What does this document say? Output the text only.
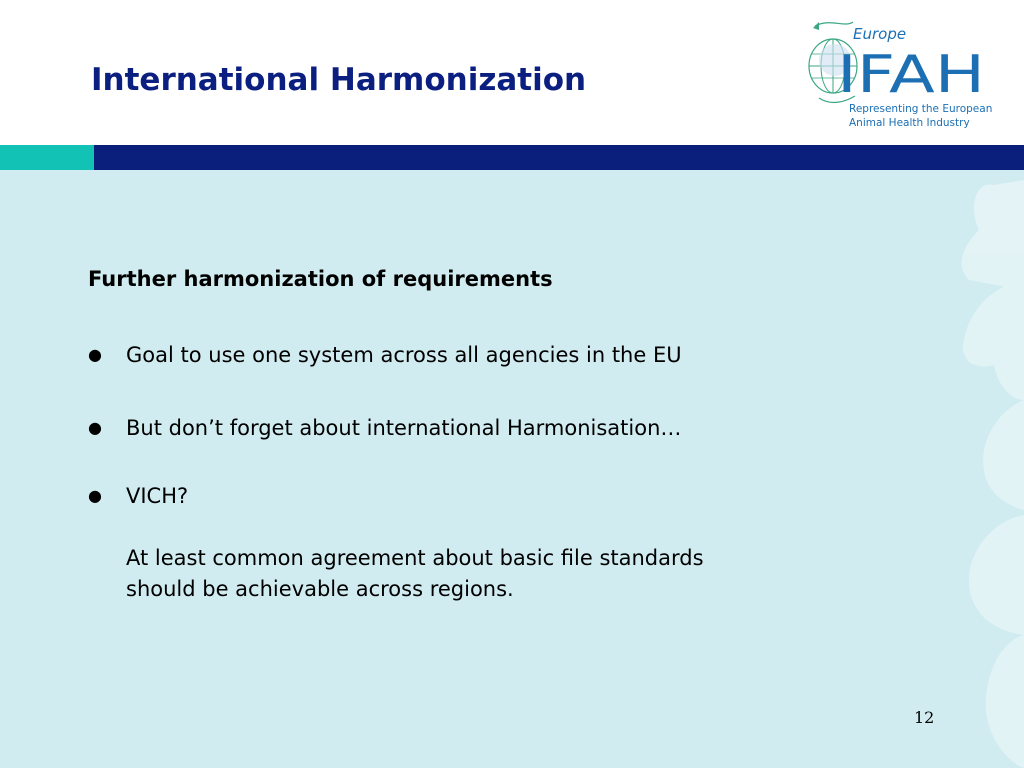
International Harmonization
Europe
IFAH
Representing the European
Animal Health Industry
Further harmonization of requirements
● Goal to use one system across all agencies in the EU
● But don’t forget about international Harmonisation…
● VICH?
At least common agreement about basic file standards
should be achievable across regions.
12
